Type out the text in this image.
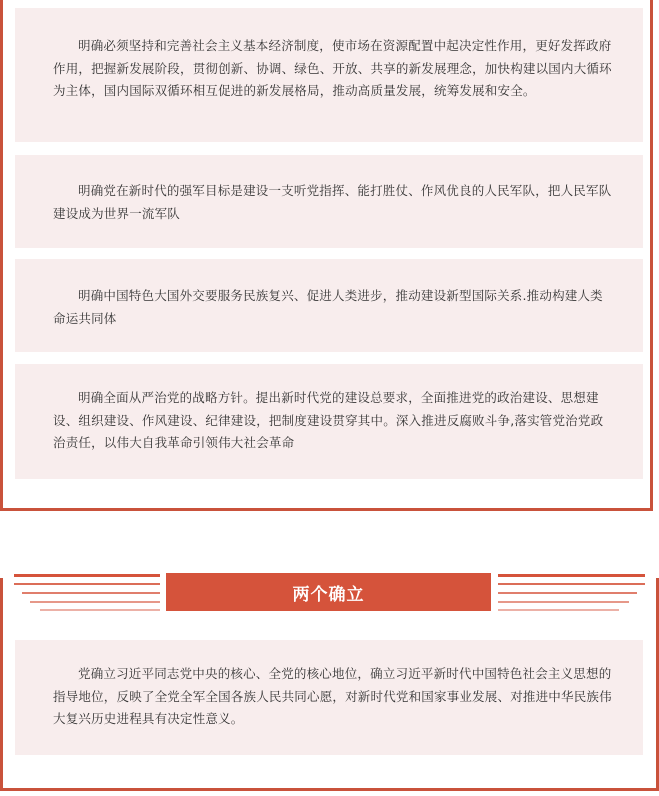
明确必须坚持和完善社会主义基本经济制度，使市场在资源配置中起决定性作用，更好发挥政府作用，把握新发展阶段，贯彻创新、协调、绿色、开放、共享的新发展理念，加快构建以国内大循环为主体，国内国际双循环相互促进的新发展格局，推动高质量发展，统筹发展和安全。

明确党在新时代的强军目标是建设一支听党指挥、能打胜仗、作风优良的人民军队，把人民军队建设成为世界一流军队

明确中国特色大国外交要服务民族复兴、促进人类进步，推动建设新型国际关系.推动构建人类命运共同体

明确全面从严治党的战略方针。提出新时代党的建设总要求，全面推进党的政治建设、思想建设、组织建设、作风建设、纪律建设，把制度建设贯穿其中。深入推进反腐败斗争,落实管党治党政治责任，以伟大自我革命引领伟大社会革命

两个确立

党确立习近平同志党中央的核心、全党的核心地位，确立习近平新时代中国特色社会主义思想的指导地位，反映了全党全军全国各族人民共同心愿，对新时代党和国家事业发展、对推进中华民族伟大复兴历史进程具有决定性意义。
